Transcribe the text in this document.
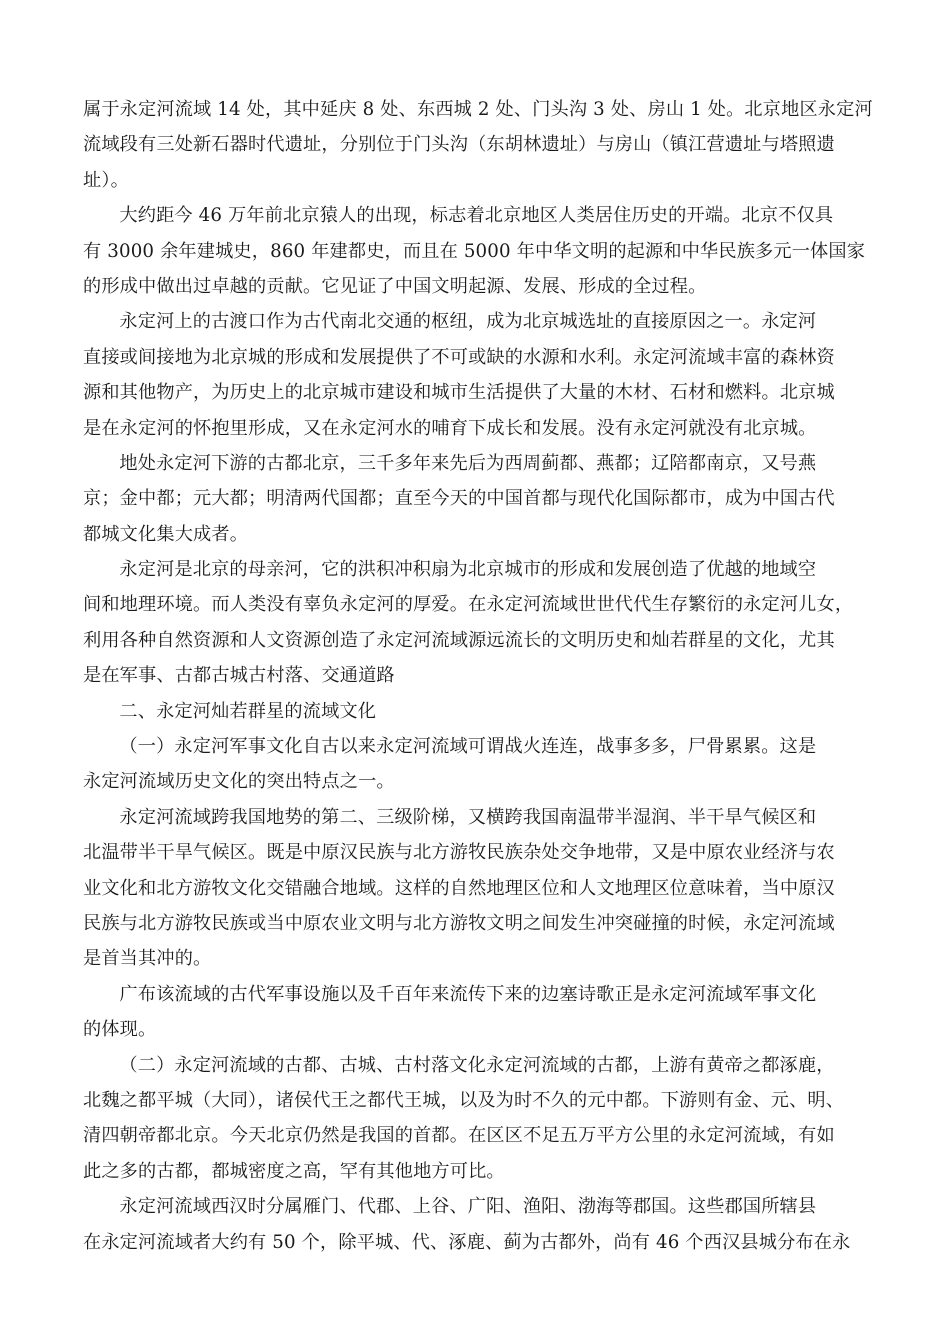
属于永定河流域 14 处，其中延庆 8 处、东西城 2 处、门头沟 3 处、房山 1 处。北京地区永定河
流域段有三处新石器时代遗址，分别位于门头沟（东胡林遗址）与房山（镇江营遗址与塔照遗
址）。
大约距今 46 万年前北京猿人的出现，标志着北京地区人类居住历史的开端。北京不仅具
有 3000 余年建城史，860 年建都史，而且在 5000 年中华文明的起源和中华民族多元一体国家
的形成中做出过卓越的贡献。它见证了中国文明起源、发展、形成的全过程。
永定河上的古渡口作为古代南北交通的枢纽，成为北京城选址的直接原因之一。永定河
直接或间接地为北京城的形成和发展提供了不可或缺的水源和水利。永定河流域丰富的森林资
源和其他物产，为历史上的北京城市建设和城市生活提供了大量的木材、石材和燃料。北京城
是在永定河的怀抱里形成，又在永定河水的哺育下成长和发展。没有永定河就没有北京城。
地处永定河下游的古都北京，三千多年来先后为西周蓟都、燕都；辽陪都南京，又号燕
京；金中都；元大都；明清两代国都；直至今天的中国首都与现代化国际都市，成为中国古代
都城文化集大成者。
永定河是北京的母亲河，它的洪积冲积扇为北京城市的形成和发展创造了优越的地域空
间和地理环境。而人类没有辜负永定河的厚爱。在永定河流域世世代代生存繁衍的永定河儿女，
利用各种自然资源和人文资源创造了永定河流域源远流长的文明历史和灿若群星的文化，尤其
是在军事、古都古城古村落、交通道路
二、永定河灿若群星的流域文化
（一）永定河军事文化自古以来永定河流域可谓战火连连，战事多多，尸骨累累。这是
永定河流域历史文化的突出特点之一。
永定河流域跨我国地势的第二、三级阶梯，又横跨我国南温带半湿润、半干旱气候区和
北温带半干旱气候区。既是中原汉民族与北方游牧民族杂处交争地带，又是中原农业经济与农
业文化和北方游牧文化交错融合地域。这样的自然地理区位和人文地理区位意味着，当中原汉
民族与北方游牧民族或当中原农业文明与北方游牧文明之间发生冲突碰撞的时候，永定河流域
是首当其冲的。
广布该流域的古代军事设施以及千百年来流传下来的边塞诗歌正是永定河流域军事文化
的体现。
（二）永定河流域的古都、古城、古村落文化永定河流域的古都，上游有黄帝之都涿鹿，
北魏之都平城（大同），诸侯代王之都代王城，以及为时不久的元中都。下游则有金、元、明、
清四朝帝都北京。今天北京仍然是我国的首都。在区区不足五万平方公里的永定河流域，有如
此之多的古都，都城密度之高，罕有其他地方可比。
永定河流域西汉时分属雁门、代郡、上谷、广阳、渔阳、渤海等郡国。这些郡国所辖县
在永定河流域者大约有 50 个，除平城、代、涿鹿、蓟为古都外，尚有 46 个西汉县城分布在永
